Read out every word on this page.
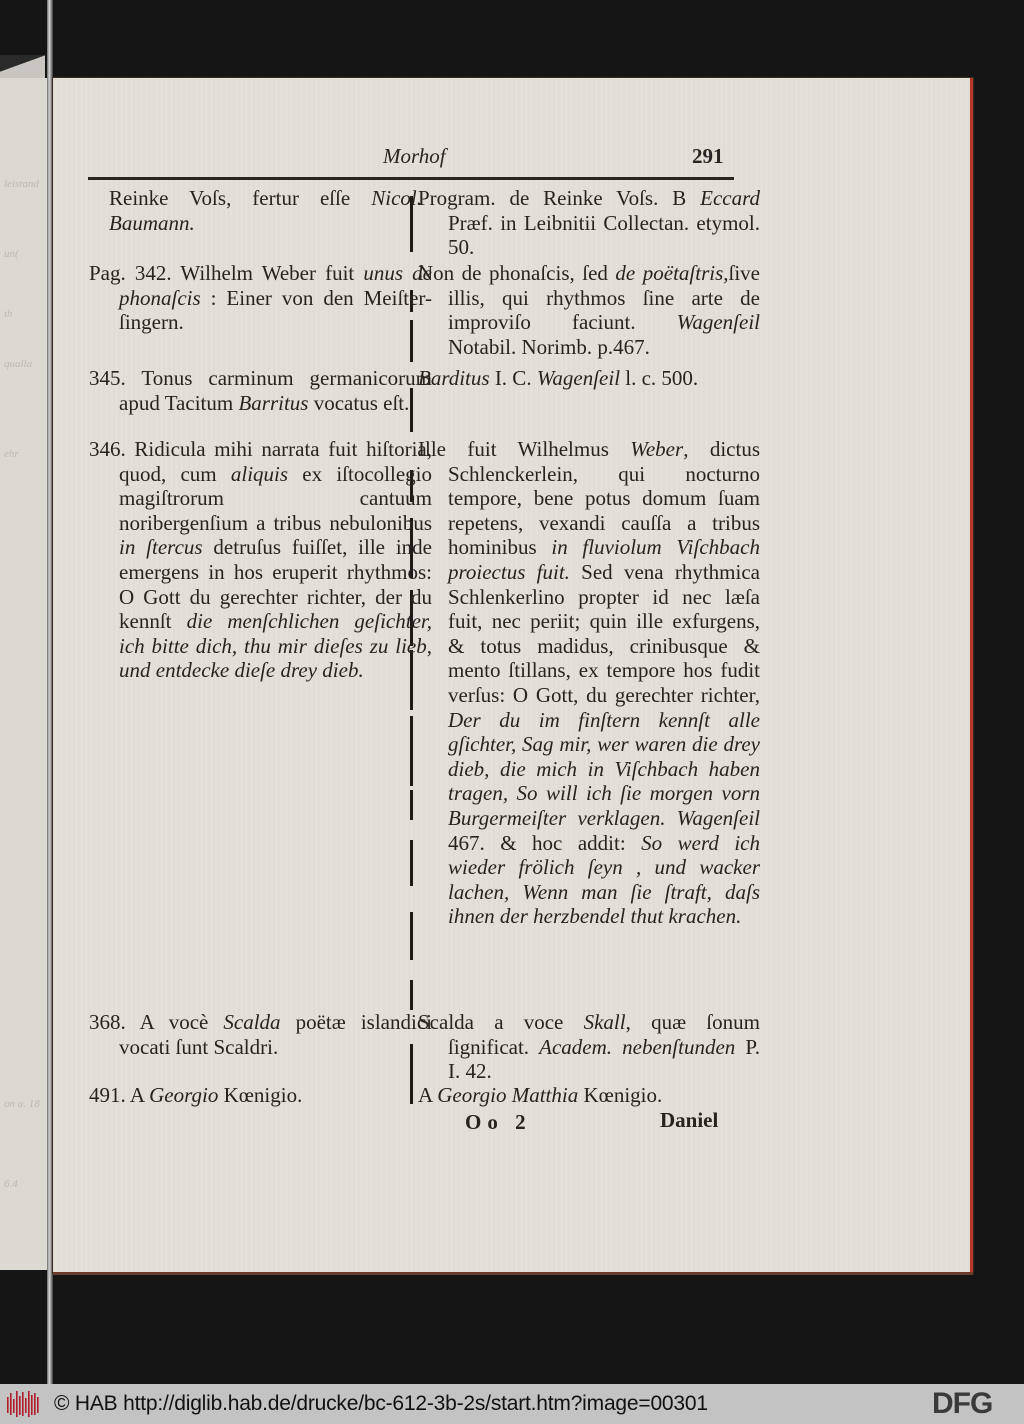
leistand
un(
th
qualla
ehr
on a. 18
6.4
Morhof	291

Reinke Voſs, fertur eſſe Nicol. Baumann.

Pag. 342. Wilhelm Weber fuit unus de phonaſcis : Einer von den Meiſter-ſingern.

345. Tonus carminum germanicorum apud Tacitum Barritus vocatus eſt.

346. Ridicula mihi narrata fuit hiſtoria, quod, cum aliquis ex iſtocollegio magiſtrorum cantuum noribergenſium a tribus nebulonibus in ſtercus detruſus fuiſſet, ille inde emergens in hos eruperit rhythmos: O Gott du gerechter richter, der du kennſt die menſchlichen geſichter, ich bitte dich, thu mir dieſes zu lieb, und entdecke dieſe drey dieb.

368. A vocè Scalda poëtæ islandici vocati ſunt Scaldri.

491. A Georgio Kœnigio.

Program. de Reinke Voſs. B Eccard Præf. in Leibnitii Collectan. etymol. 50.

Non de phonaſcis, ſed de poëtaſtris,ſive illis, qui rhythmos ſine arte de improviſo faciunt. Wagenſeil Notabil. Norimb. p.467.

Barditus I. C. Wagenſeil l. c. 500.

Ille fuit Wilhelmus Weber, dictus Schlenckerlein, qui nocturno tempore, bene potus domum ſuam repetens, vexandi cauſſa a tribus hominibus in fluviolum Viſchbach proiectus fuit. Sed vena rhythmica Schlenkerlino propter id nec læſa fuit, nec periit; quin ille exfurgens, & totus madidus, crinibusque & mento ſtillans, ex tempore hos fudit verſus: O Gott, du gerechter richter, Der du im finſtern kennſt alle gſichter, Sag mir, wer waren die drey dieb, die mich in Viſchbach haben tragen, So will ich ſie morgen vorn Burgermeiſter verklagen. Wagenſeil 467. & hoc addit: So werd ich wieder frölich ſeyn , und wacker lachen, Wenn man ſie ſtraft, daſs ihnen der herzbendel thut krachen.

Scalda a voce Skall, quæ ſonum ſignificat. Academ. nebenſtunden P. I. 42.

A Georgio Matthia Kœnigio.

Oo 2	Daniel
© HAB http://diglib.hab.de/drucke/bc-612-3b-2s/start.htm?image=00301	DFG
